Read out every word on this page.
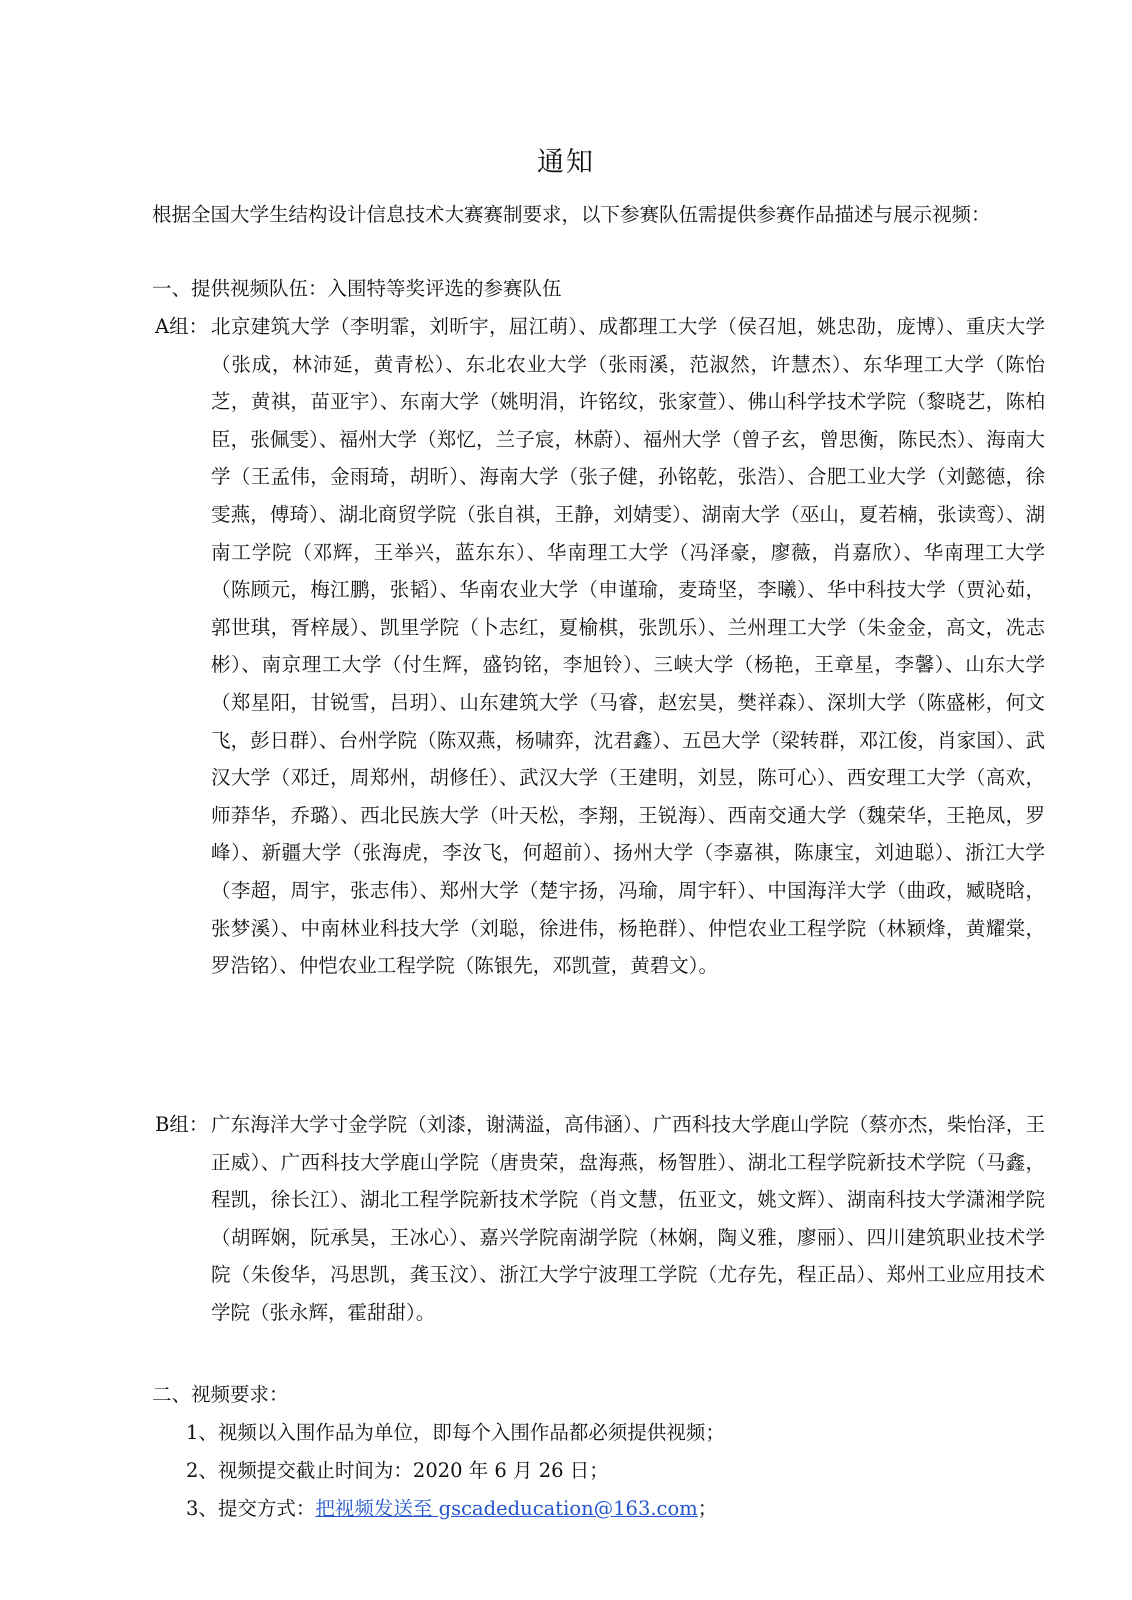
通知

根据全国大学生结构设计信息技术大赛赛制要求，以下参赛队伍需提供参赛作品描述与展示视频：

一、提供视频队伍：入围特等奖评选的参赛队伍

A组： 北京建筑大学（李明霏，刘昕宇，屈江萌）、成都理工大学（侯召旭，姚忠劭，庞博）、重庆大学（张成，林沛延，黄青松）、东北农业大学（张雨溪，范淑然，许慧杰）、东华理工大学（陈怡芝，黄祺，苗亚宇）、东南大学（姚明涓，许铭纹，张家萱）、佛山科学技术学院（黎晓艺，陈柏臣，张佩雯）、福州大学（郑忆，兰子宸，林蔚）、福州大学（曾子玄，曾思衡，陈民杰）、海南大学（王孟伟，金雨琦，胡昕）、海南大学（张子健，孙铭乾，张浩）、合肥工业大学（刘懿德，徐雯燕，傅琦）、湖北商贸学院（张自祺，王静，刘婧雯）、湖南大学（巫山，夏若楠，张读鸾）、湖南工学院（邓辉，王举兴，蓝东东）、华南理工大学（冯泽豪，廖薇，肖嘉欣）、华南理工大学（陈顾元，梅江鹏，张韬）、华南农业大学（申谨瑜，麦琦坚，李曦）、华中科技大学（贾沁茹，郭世琪，胥梓晟）、凯里学院（卜志红，夏榆棋，张凯乐）、兰州理工大学（朱金金，高文，冼志彬）、南京理工大学（付生辉，盛钧铭，李旭铃）、三峡大学（杨艳，王章星，李馨）、山东大学（郑星阳，甘锐雪，吕玥）、山东建筑大学（马睿，赵宏昊，樊祥森）、深圳大学（陈盛彬，何文飞，彭日群）、台州学院（陈双燕，杨啸弈，沈君鑫）、五邑大学（梁转群，邓江俊，肖家国）、武汉大学（邓迁，周郑州，胡修任）、武汉大学（王建明，刘昱，陈可心）、西安理工大学（高欢，师莽华，乔璐）、西北民族大学（叶天松，李翔，王锐海）、西南交通大学（魏荣华，王艳凤，罗峰）、新疆大学（张海虎，李汝飞，何超前）、扬州大学（李嘉祺，陈康宝，刘迪聪）、浙江大学（李超，周宇，张志伟）、郑州大学（楚宇扬，冯瑜，周宇轩）、中国海洋大学（曲政，臧晓晗，张梦溪）、中南林业科技大学（刘聪，徐进伟，杨艳群）、仲恺农业工程学院（林颖烽，黄耀棠，罗浩铭）、仲恺农业工程学院（陈银先，邓凯萱，黄碧文）。
B组： 广东海洋大学寸金学院（刘漆，谢满溢，高伟涵）、广西科技大学鹿山学院（蔡亦杰，柴怡泽，王正威）、广西科技大学鹿山学院（唐贵荣，盘海燕，杨智胜）、湖北工程学院新技术学院（马鑫，程凯，徐长江）、湖北工程学院新技术学院（肖文慧，伍亚文，姚文辉）、湖南科技大学潇湘学院（胡晖娴，阮承昊，王冰心）、嘉兴学院南湖学院（林娴，陶义雅，廖丽）、四川建筑职业技术学院（朱俊华，冯思凯，龚玉汶）、浙江大学宁波理工学院（尤存先，程正品）、郑州工业应用技术学院（张永辉，霍甜甜）。

二、视频要求：

1、视频以入围作品为单位，即每个入围作品都必须提供视频；

2、视频提交截止时间为：2020 年 6 月 26 日；

3、提交方式：把视频发送至 gscadeducation@163.com；
